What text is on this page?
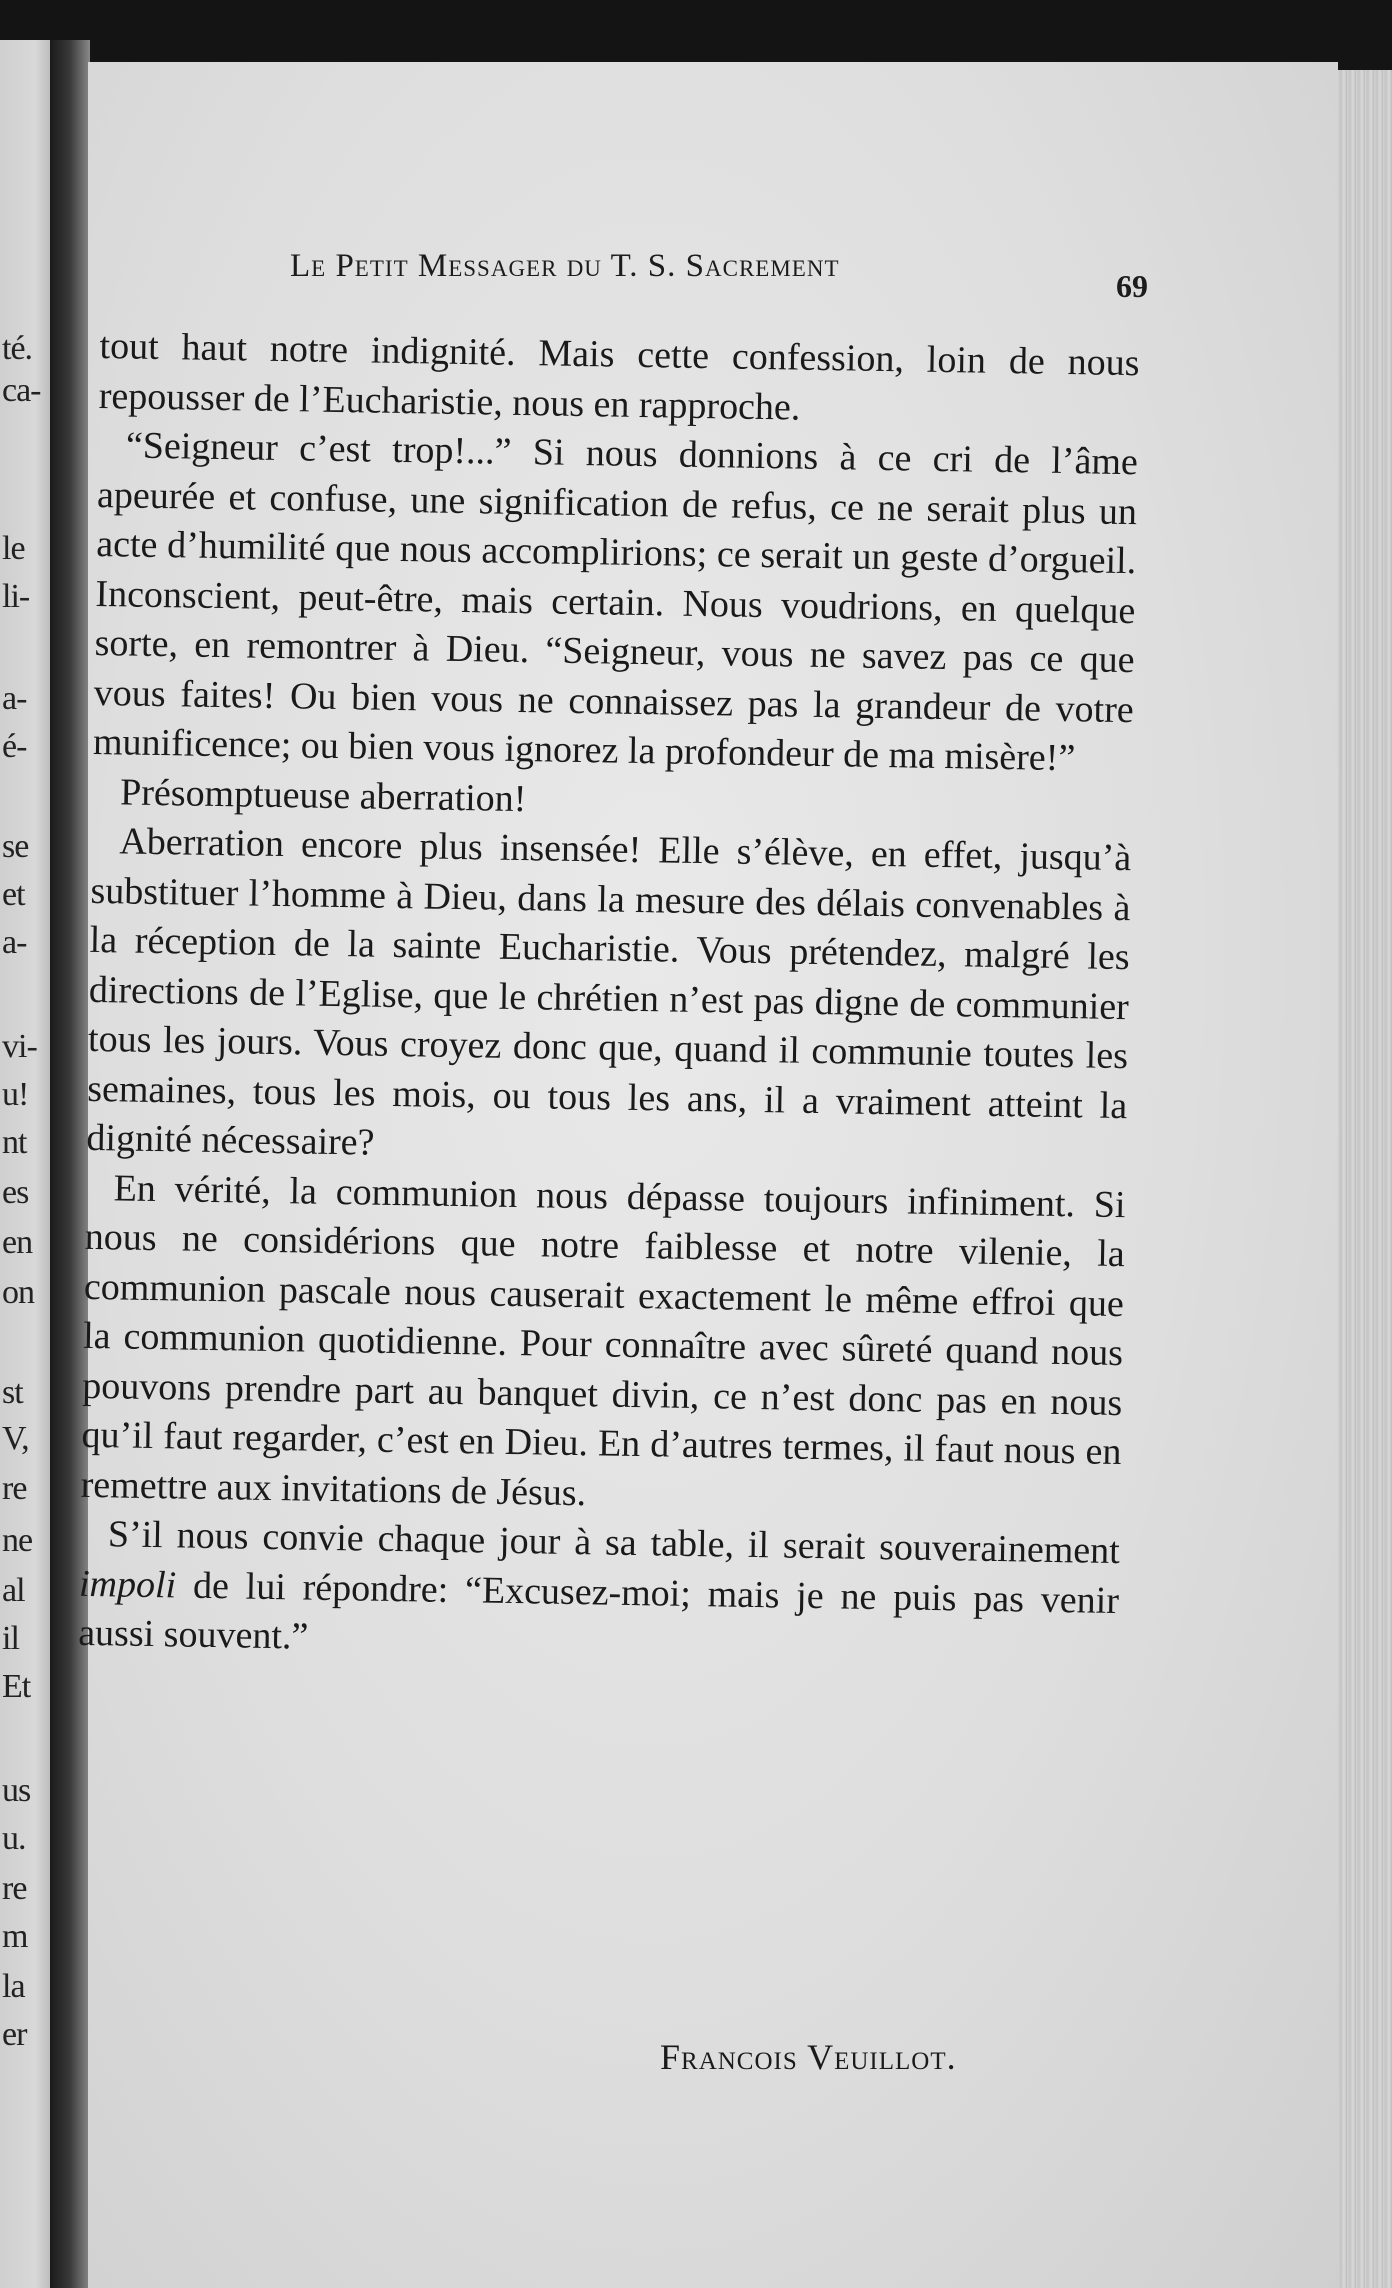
té.
ca-
le
li-
a-
é-
se
et
a-
vi-
u!
nt
es
en
on
st
V,
re
ne
al
il
Et
us
u.
re
m
la
er
Le Petit Messager du T. S. Sacrement
69

tout haut notre indignité. Mais cette confession, loin de nous repousser de l’Eucharistie, nous en rapproche.

“Seigneur c’est trop!...” Si nous donnions à ce cri de l’âme apeurée et confuse, une signification de refus, ce ne serait plus un acte d’humilité que nous accomplirions; ce serait un geste d’orgueil. Inconscient, peut-être, mais certain. Nous voudrions, en quelque sorte, en remontrer à Dieu. “Seigneur, vous ne savez pas ce que vous faites! Ou bien vous ne connaissez pas la grandeur de votre munificence; ou bien vous ignorez la profondeur de ma misère!”

Présomptueuse aberration!

Aberration encore plus insensée! Elle s’élève, en effet, jusqu’à substituer l’homme à Dieu, dans la mesure des délais convenables à la réception de la sainte Eucharistie. Vous prétendez, malgré les directions de l’Eglise, que le chrétien n’est pas digne de communier tous les jours. Vous croyez donc que, quand il communie toutes les semaines, tous les mois, ou tous les ans, il a vraiment atteint la dignité nécessaire?

En vérité, la communion nous dépasse toujours infiniment. Si nous ne considérions que notre faiblesse et notre vilenie, la communion pascale nous causerait exactement le même effroi que la communion quotidienne. Pour connaître avec sûreté quand nous pouvons prendre part au banquet divin, ce n’est donc pas en nous qu’il faut regarder, c’est en Dieu. En d’autres termes, il faut nous en remettre aux invitations de Jésus.

S’il nous convie chaque jour à sa table, il serait souverainement impoli de lui répondre: “Excusez-moi; mais je ne puis pas venir aussi souvent.”

Francois Veuillot.
